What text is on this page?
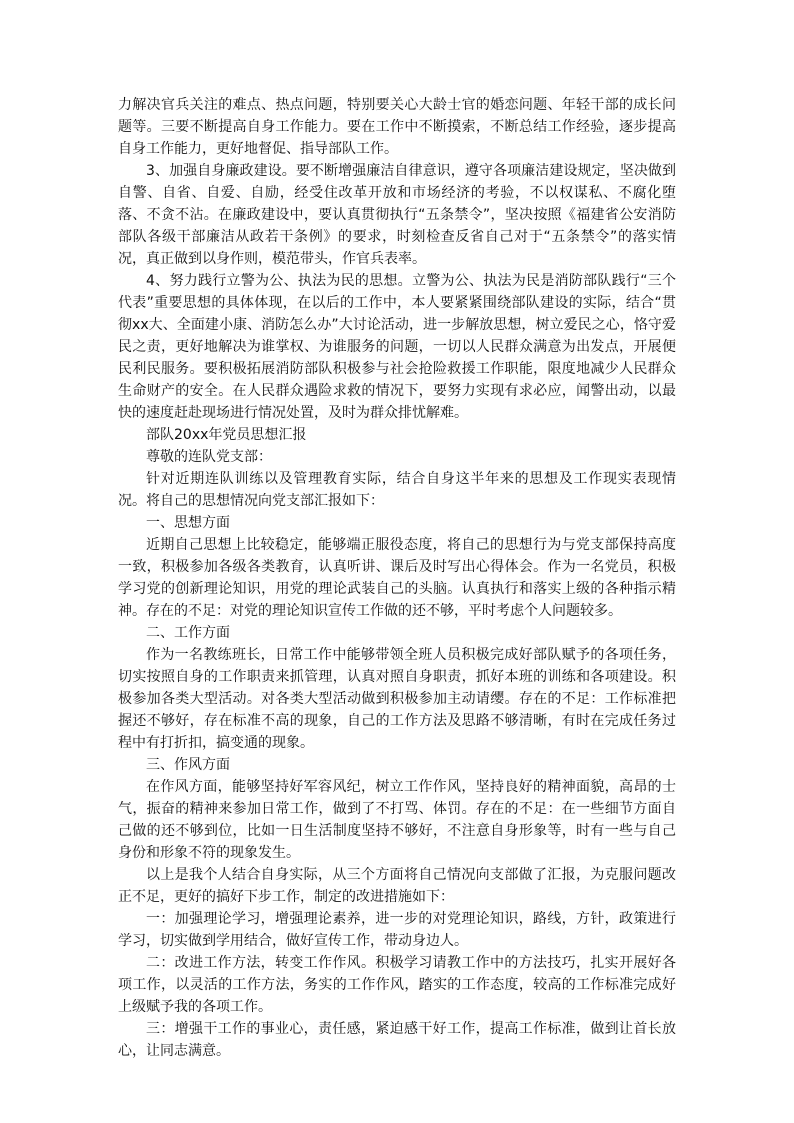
力解决官兵关注的难点、热点问题，特别要关心大龄士官的婚恋问题、年轻干部的成长问题等。三要不断提高自身工作能力。要在工作中不断摸索，不断总结工作经验，逐步提高自身工作能力，更好地督促、指导部队工作。

3、加强自身廉政建设。要不断增强廉洁自律意识，遵守各项廉洁建设规定，坚决做到自警、自省、自爱、自励，经受住改革开放和市场经济的考验，不以权谋私、不腐化堕落、不贪不沾。在廉政建设中，要认真贯彻执行“五条禁令”，坚决按照《福建省公安消防部队各级干部廉洁从政若干条例》的要求，时刻检查反省自己对于“五条禁令”的落实情况，真正做到以身作则，模范带头，作官兵表率。

4、努力践行立警为公、执法为民的思想。立警为公、执法为民是消防部队践行“三个代表”重要思想的具体体现，在以后的工作中，本人要紧紧围绕部队建设的实际，结合“贯彻xx大、全面建小康、消防怎么办”大讨论活动，进一步解放思想，树立爱民之心，恪守爱民之责，更好地解决为谁掌权、为谁服务的问题，一切以人民群众满意为出发点，开展便民利民服务。要积极拓展消防部队积极参与社会抢险救援工作职能，限度地减少人民群众生命财产的安全。在人民群众遇险求救的情况下，要努力实现有求必应，闻警出动，以最快的速度赶赴现场进行情况处置，及时为群众排忧解难。

部队20xx年党员思想汇报

尊敬的连队党支部：

针对近期连队训练以及管理教育实际，结合自身这半年来的思想及工作现实表现情况。将自己的思想情况向党支部汇报如下：

一、思想方面

近期自己思想上比较稳定，能够端正服役态度，将自己的思想行为与党支部保持高度一致，积极参加各级各类教育，认真听讲、课后及时写出心得体会。作为一名党员，积极学习党的创新理论知识，用党的理论武装自己的头脑。认真执行和落实上级的各种指示精神。存在的不足：对党的理论知识宣传工作做的还不够，平时考虑个人问题较多。

二、工作方面

作为一名教练班长，日常工作中能够带领全班人员积极完成好部队赋予的各项任务，切实按照自身的工作职责来抓管理，认真对照自身职责，抓好本班的训练和各项建设。积极参加各类大型活动。对各类大型活动做到积极参加主动请缨。存在的不足：工作标准把握还不够好，存在标准不高的现象，自己的工作方法及思路不够清晰，有时在完成任务过程中有打折扣，搞变通的现象。

三、作风方面

在作风方面，能够坚持好军容风纪，树立工作作风，坚持良好的精神面貌，高昂的士气，振奋的精神来参加日常工作，做到了不打骂、体罚。存在的不足：在一些细节方面自己做的还不够到位，比如一日生活制度坚持不够好，不注意自身形象等，时有一些与自己身份和形象不符的现象发生。

以上是我个人结合自身实际，从三个方面将自己情况向支部做了汇报，为克服问题改正不足，更好的搞好下步工作，制定的改进措施如下：

一：加强理论学习，增强理论素养，进一步的对党理论知识，路线，方针，政策进行学习，切实做到学用结合，做好宣传工作，带动身边人。

二：改进工作方法，转变工作作风。积极学习请教工作中的方法技巧，扎实开展好各项工作，以灵活的工作方法，务实的工作作风，踏实的工作态度，较高的工作标准完成好上级赋予我的各项工作。

三：增强干工作的事业心，责任感，紧迫感干好工作，提高工作标准，做到让首长放心，让同志满意。
